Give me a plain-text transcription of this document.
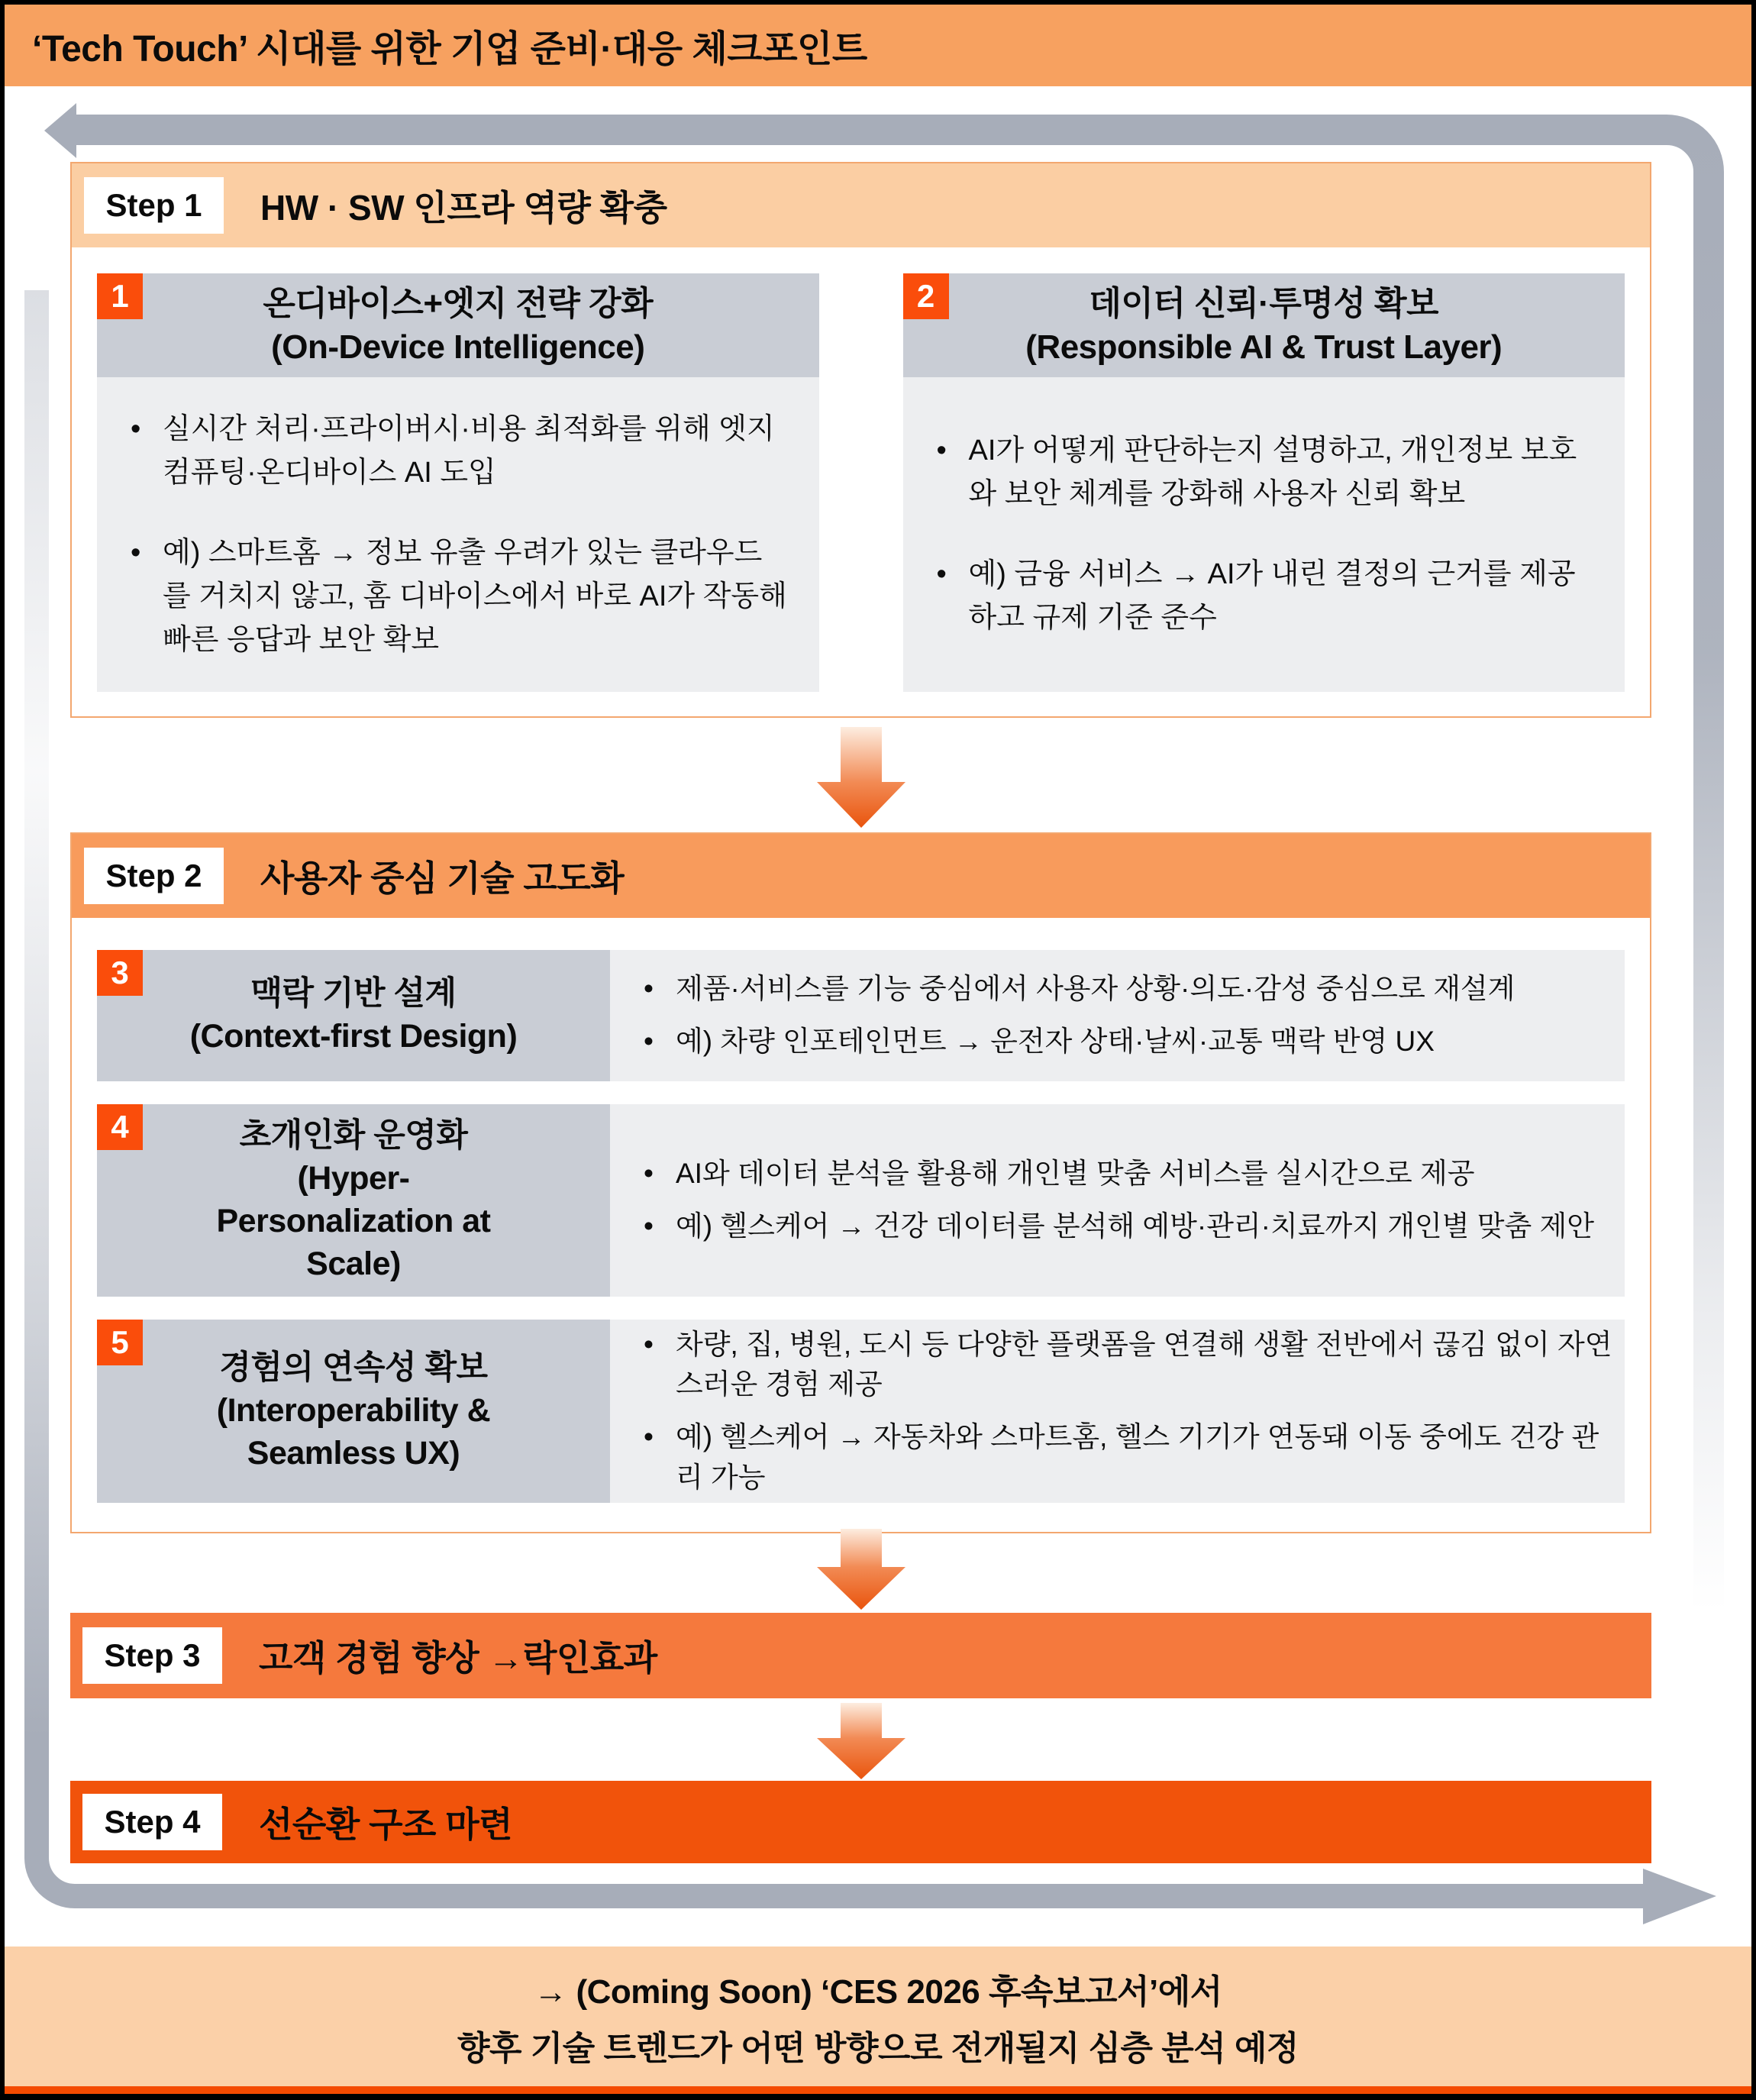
‘Tech Touch’ 시대를 위한 기업 준비·대응 체크포인트
Step 1	HW · SW 인프라 역량 확충
1	온디바이스+엣지 전략 강화
(On-Device Intelligence)
• 실시간 처리·프라이버시·비용 최적화를 위해 엣지 컴퓨팅·온디바이스 AI 도입
• 예) 스마트홈 → 정보 유출 우려가 있는 클라우드를 거치지 않고, 홈 디바이스에서 바로 AI가 작동해 빠른 응답과 보안 확보
2	데이터 신뢰·투명성 확보
(Responsible AI & Trust Layer)
• AI가 어떻게 판단하는지 설명하고, 개인정보 보호와 보안 체계를 강화해 사용자 신뢰 확보
• 예) 금융 서비스 → AI가 내린 결정의 근거를 제공하고 규제 기준 준수
Step 2	사용자 중심 기술 고도화
3
맥락 기반 설계
(Context-first Design)
• 제품·서비스를 기능 중심에서 사용자 상황·의도·감성 중심으로 재설계
• 예) 차량 인포테인먼트 → 운전자 상태·날씨·교통 맥락 반영 UX
4	초개인화 운영화
(Hyper-Personalization at Scale)
• AI와 데이터 분석을 활용해 개인별 맞춤 서비스를 실시간으로 제공
• 예) 헬스케어 → 건강 데이터를 분석해 예방·관리·치료까지 개인별 맞춤 제안
5
경험의 연속성 확보
(Interoperability & Seamless UX)
• 차량, 집, 병원, 도시 등 다양한 플랫폼을 연결해 생활 전반에서 끊김 없이 자연스러운 경험 제공
• 예) 헬스케어 → 자동차와 스마트홈, 헬스 기기가 연동돼 이동 중에도 건강 관리 가능
Step 3	고객 경험 향상 →락인효과
Step 4	선순환 구조 마련
→ (Coming Soon) ‘CES 2026 후속보고서’에서
향후 기술 트렌드가 어떤 방향으로 전개될지 심층 분석 예정
